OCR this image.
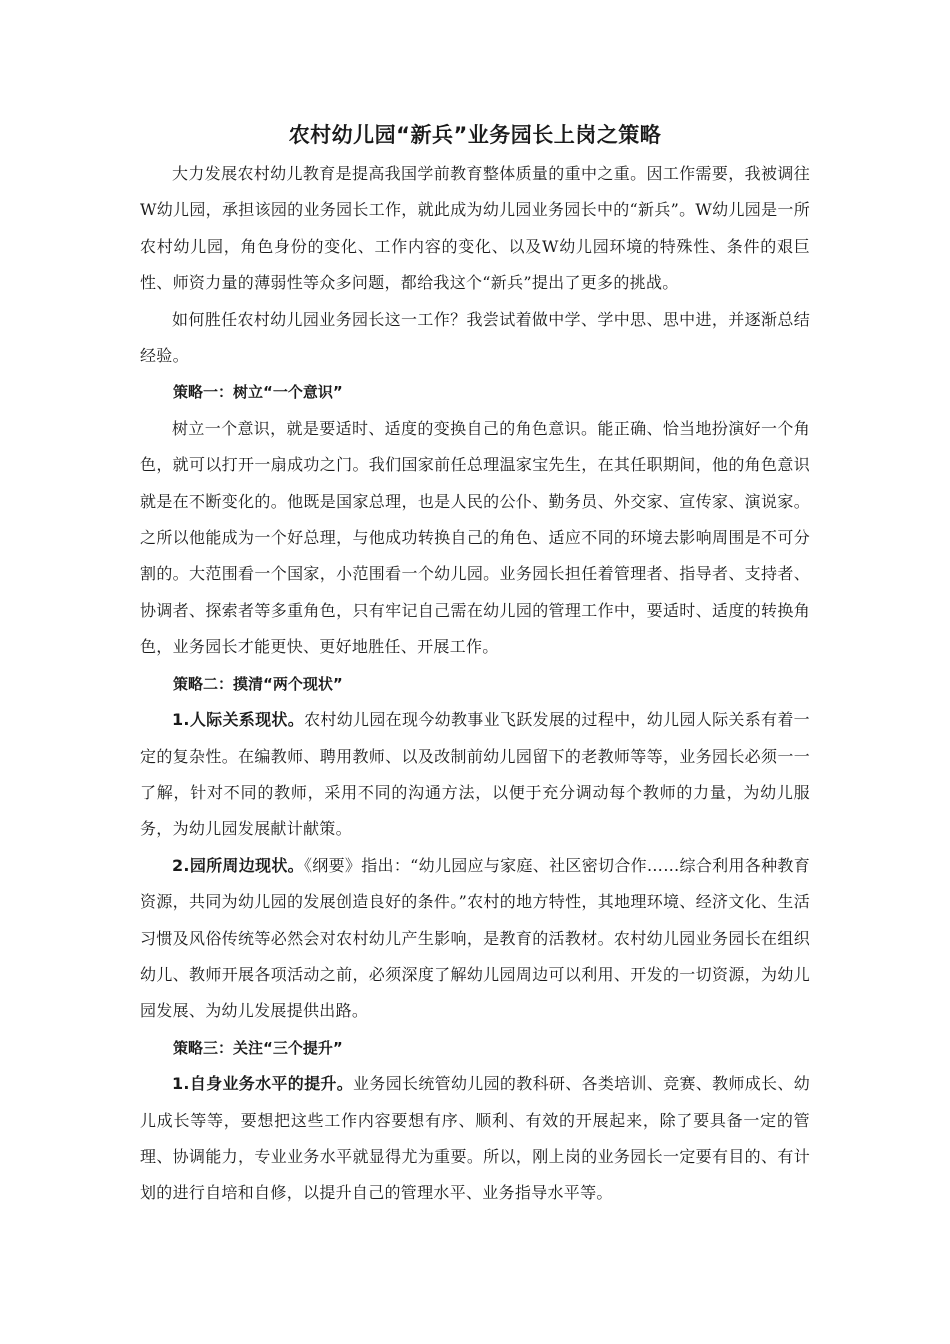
农村幼儿园“新兵”业务园长上岗之策略

大力发展农村幼儿教育是提高我国学前教育整体质量的重中之重。因工作需要，我被调往W幼儿园，承担该园的业务园长工作，就此成为幼儿园业务园长中的“新兵”。W幼儿园是一所农村幼儿园，角色身份的变化、工作内容的变化、以及W幼儿园环境的特殊性、条件的艰巨性、师资力量的薄弱性等众多问题，都给我这个“新兵”提出了更多的挑战。

如何胜任农村幼儿园业务园长这一工作？我尝试着做中学、学中思、思中进，并逐渐总结经验。

策略一：树立“一个意识”

树立一个意识，就是要适时、适度的变换自己的角色意识。能正确、恰当地扮演好一个角色，就可以打开一扇成功之门。我们国家前任总理温家宝先生，在其任职期间，他的角色意识就是在不断变化的。他既是国家总理，也是人民的公仆、勤务员、外交家、宣传家、演说家。之所以他能成为一个好总理，与他成功转换自己的角色、适应不同的环境去影响周围是不可分割的。大范围看一个国家，小范围看一个幼儿园。业务园长担任着管理者、指导者、支持者、协调者、探索者等多重角色，只有牢记自己需在幼儿园的管理工作中，要适时、适度的转换角色，业务园长才能更快、更好地胜任、开展工作。

策略二：摸清“两个现状”

1.人际关系现状。农村幼儿园在现今幼教事业飞跃发展的过程中，幼儿园人际关系有着一定的复杂性。在编教师、聘用教师、以及改制前幼儿园留下的老教师等等，业务园长必须一一了解，针对不同的教师，采用不同的沟通方法，以便于充分调动每个教师的力量，为幼儿服务，为幼儿园发展献计献策。

2.园所周边现状。《纲要》指出：“幼儿园应与家庭、社区密切合作……综合利用各种教育资源，共同为幼儿园的发展创造良好的条件。”农村的地方特性，其地理环境、经济文化、生活习惯及风俗传统等必然会对农村幼儿产生影响，是教育的活教材。农村幼儿园业务园长在组织幼儿、教师开展各项活动之前，必须深度了解幼儿园周边可以利用、开发的一切资源，为幼儿园发展、为幼儿发展提供出路。

策略三：关注“三个提升”

1.自身业务水平的提升。业务园长统管幼儿园的教科研、各类培训、竞赛、教师成长、幼儿成长等等，要想把这些工作内容要想有序、顺利、有效的开展起来，除了要具备一定的管理、协调能力，专业业务水平就显得尤为重要。所以，刚上岗的业务园长一定要有目的、有计划的进行自培和自修，以提升自己的管理水平、业务指导水平等。
